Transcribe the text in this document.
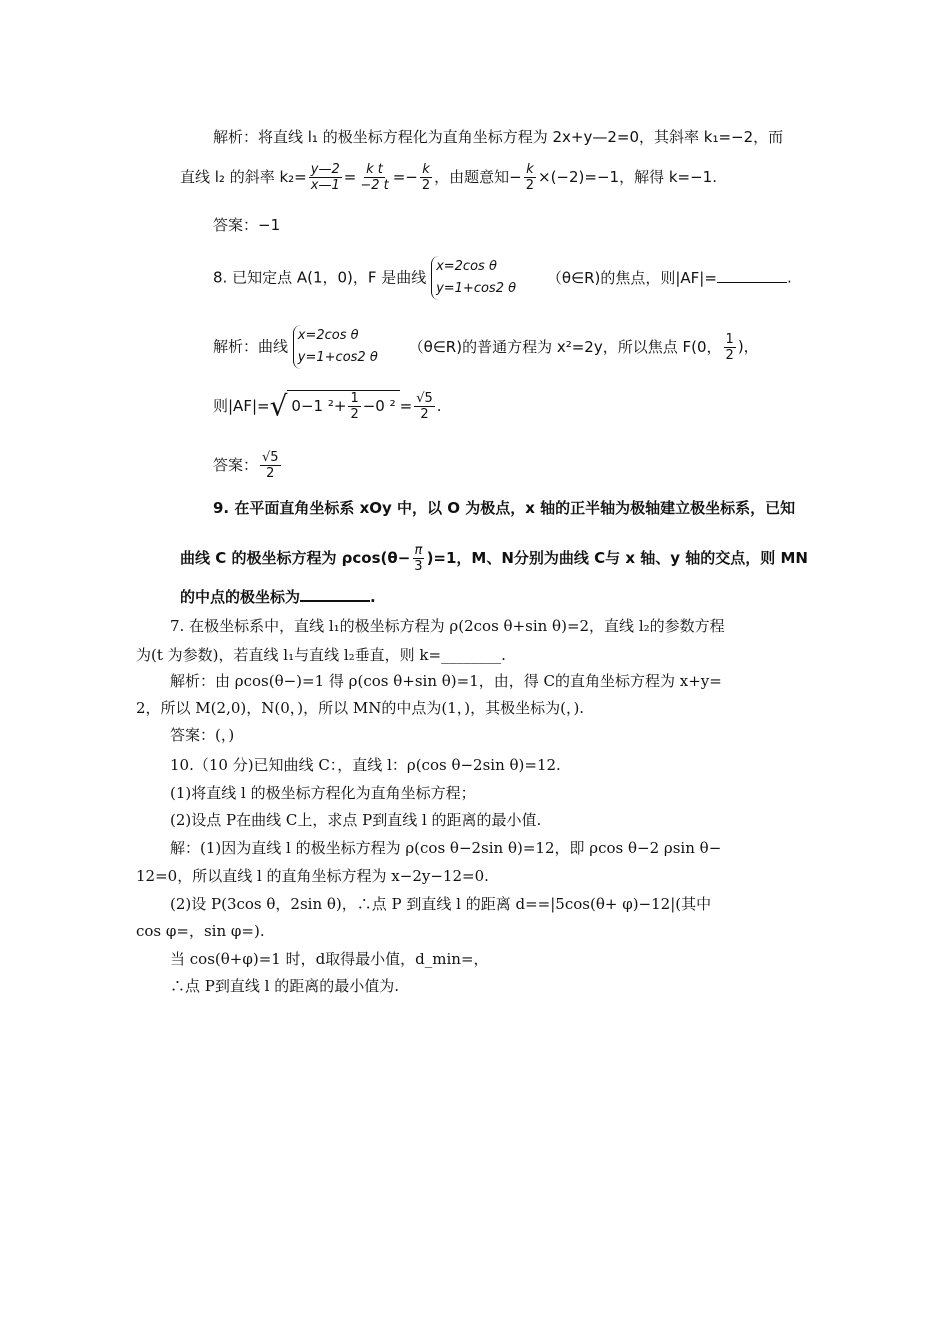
解析：将直线 l₁ 的极坐标方程化为直角坐标方程为 2x+y—2=0，其斜率 k₁=−2，而
直线 l₂ 的斜率 $k_2= \frac{y—2}{x—1} = \frac{\text{k t}}{-2 t} =- \frac{k}{2}$ ，由题意知− $\frac{k}{2} \times(-2)=-1$，解得 k=−1.
答案：−1
8. 已知定点 A(1，0)，F 是曲线
x=2cos θ
y=1+cos2 θ
（θ∈R)的焦点，则|AF|=	.
解析：曲线
x=2cos θ
y=1+cos2 θ
（θ∈R)的普通方程为 x²=2y，所以焦点 F(0， $\frac{1}{2}$ )，
则|AF|=√ 0−1 $^2+ \frac{1}{2} -0$ $^2 = \frac{√5}{2}$ .
答案： $\frac{√5}{2}$
9. 在平面直角坐标系 xOy 中，以 O 为极点，x 轴的正半轴为极轴建立极坐标系，已知
曲线 C 的极坐标方程为 $\rho\cos(\theta- \frac{\pi}{3} )=1$，M、N分别为曲线 C与 x 轴、y 轴的交点，则 MN
的中点的极坐标为	.
7. 在极坐标系中，直线 l₁的极坐标方程为 ρ(2cos θ+sin θ)=2，直线 l₂的参数方程
为(t 为参数)，若直线 l₁与直线 l₂垂直，则 k=________.
解析：由 ρcos(θ−)=1 得 ρ(cos θ+sin θ)=1，由，得 C的直角坐标方程为 x+y=
2，所以 M(2,0)，N(0，)，所以 MN的中点为(1，)，其极坐标为(，).
答案：(，)
10.（10 分)已知曲线 C：，直线 l：ρ(cos θ−2sin θ)=12.
(1)将直线 l 的极坐标方程化为直角坐标方程；
(2)设点 P在曲线 C上，求点 P到直线 l 的距离的最小值.
解：(1)因为直线 l 的极坐标方程为 ρ(cos θ−2sin θ)=12，即 ρcos θ−2 ρsin θ−
12=0，所以直线 l 的直角坐标方程为 x−2y−12=0.
(2)设 P(3cos θ，2sin θ)，∴点 P 到直线 l 的距离 d==|5cos(θ+ φ)−12|(其中
cos φ=，sin φ=).
当 cos(θ+φ)=1 时，d取得最小值，d_min=，
∴点 P到直线 l 的距离的最小值为.
